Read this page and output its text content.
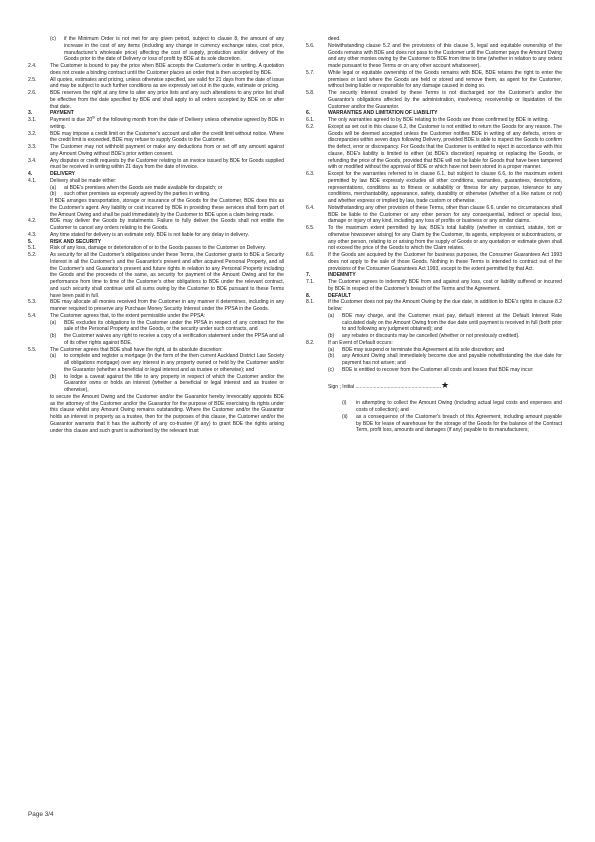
(c)	if the Minimum Order is not met for any given period, subject to clause 8, the amount of any increase in the cost of any items (including any change in currency exchange rates, cost price, manufacturer's wholesale price) affecting the cost of supply, production and/or delivery of the Goods prior to the date of Delivery or loss of profit by BDE at its sole discretion.
2.4.	The Customer is bound to pay the price when BDE accepts the Customer's order in writing. A quotation does not create a binding contract until the Customer places an order that is then accepted by BDE.
2.5.	All quotes, estimates and pricing, unless otherwise specified, are valid for 21 days from the date of issue and may be subject to such further conditions as are expressly set out in the quote, estimate or pricing.
2.6.	BDE reserves the right at any time to alter any price lists and any such alterations to any price list shall be effective from the date specified by BDE and shall apply to all orders accepted by BDE on or after that date.
3.	PAYMENT
3.1.	Payment is due 20th of the following month from the date of Delivery unless otherwise agreed by BDE in writing.
3.2.	BDE may impose a credit limit on the Customer's account and alter the credit limit without notice. Where the credit limit is exceeded, BDE may refuse to supply Goods to the Customer.
3.3.	The Customer may not withhold payment or make any deductions from or set off any amount against any Amount Owing without BDE's prior written consent.
3.4.	Any disputes or credit requests by the Customer relating to an invoice issued by BDE for Goods supplied must be received in writing within 21 days from the date of invoice.
4.	DELIVERY
4.1.	Delivery shall be made either:
(a)	at BDE's premises when the Goods are made available for dispatch; or
(b)	such other premises as expressly agreed by the parties in writing.
If BDE arranges transportation, storage or insurance of the Goods for the Customer, BDE does this as the Customer's agent. Any liability or cost incurred by BDE in providing these services shall form part of the Amount Owing and shall be paid immediately by the Customer to BDE upon a claim being made.
4.2.	BDE may deliver the Goods by instalments. Failure to fully deliver the Goods shall not entitle the Customer to cancel any orders relating to the Goods.
4.3.	Any time stated for delivery is an estimate only. BDE is not liable for any delay in delivery.
5.	RISK AND SECURITY
5.1.	Risk of any loss, damage or deterioration of or to the Goods passes to the Customer on Delivery.
5.2.	As security for all the Customer's obligations under these Terms, the Customer grants to BDE a Security Interest in all the Customer's and the Guarantor's present and after acquired Personal Property, and all the Customer's and Guarantor's present and future rights in relation to any Personal Property including the Goods and the proceeds of the same, as security for payment of the Amount Owing and for the performance from time to time of the Customer's other obligations to BDE under the relevant contract, and such security shall continue until all sums owing by the Customer to BDE pursuant to these Terms have been paid in full.
5.3.	BDE may allocate all monies received from the Customer in any manner it determines, including in any manner required to preserve any Purchase Money Security Interest under the PPSA in the Goods.
5.4.	The Customer agrees that, to the extent permissible under the PPSA:
(a)	BDE excludes its obligations to the Customer under the PPSA in respect of any contract for the sale of the Personal Property and the Goods, or the security under such contracts, and
(b)	the Customer waives any right to receive a copy of a verification statement under the PPSA and all of its other rights against BDE.
5.5.	The Customer agrees that BDE shall have the right, at its absolute discretion:
(a)	to complete and register a mortgage (in the form of the then current Auckland District Law Society all obligations mortgage) over any interest in any property owned or held by the Customer and/or the Guarantor (whether a beneficial or legal interest and as trustee or otherwise); and
(b)	to lodge a caveat against the title to any property in respect of which the Customer and/or the Guarantor owns or holds an interest (whether a beneficial or legal interest and as trustee or otherwise),
to secure the Amount Owing and the Customer and/or the Guarantor hereby irrevocably appoints BDE as the attorney of the Customer and/or the Guarantor for the purpose of BDE exercising its rights under this clause whilst any Amount Owing remains outstanding. Where the Customer and/or the Guarantor holds an interest in property as a trustee, then for the purposes of this clause, the Customer and/or the Guarantor warrants that it has the authority of any co-trustee (if any) to grant BDE the rights arising under this clause and such grant is authorised by the relevant trust
deed.
5.6.	Notwithstanding clause 5.2 and the provisions of this clause 5, legal and equitable ownership of the Goods remains with BDE and does not pass to the Customer until the Customer pays the Amount Owing and any other monies owing by the Customer to BDE from time to time (whether in relation to any orders made pursuant to these Terms or on any other account whatsoever).
5.7.	While legal or equitable ownership of the Goods remains with BDE, BDE retains the right to enter the premises or land where the Goods are held or stored and remove them, as agent for the Customer, without being liable or responsible for any damage caused in doing so.
5.8.	The security interest created by these Terms is not discharged nor the Customer's and/or the Guarantor's obligations affected by the administration, insolvency, receivership or liquidation of the Customer and/or the Guarantor.
6.	WARRANTIES AND LIMITATION OF LIABILITY
6.1.	The only warranties agreed to by BDE relating to the Goods are those confirmed by BDE in writing.
6.2.	Except as set out in this clause 6.2, the Customer is not entitled to return the Goods for any reason. The Goods will be deemed accepted unless the Customer notifies BDE in writing of any defects, errors or discrepancies within seven days following Delivery, provided BDE is able to inspect the Goods to confirm the defect, error or discrepancy. For Goods that the Customer is entitled to reject in accordance with this clause, BDE's liability is limited to either (at BDE's discretion) repairing or replacing the Goods, or refunding the price of the Goods, provided that BDE will not be liable for Goods that have been tampered with or modified without the approval of BDE or which have not been stored in a proper manner.
6.3.	Except for the warranties referred to in clause 6.1, but subject to clause 6.6, to the maximum extent permitted by law BDE expressly excludes all other conditions, warranties, guarantees, descriptions, representations, conditions as to fitness or suitability or fitness for any purpose, tolerance to any conditions, merchantability, appearance, safety, durability or otherwise (whether of a like nature or not) and whether express or implied by law, trade custom or otherwise.
6.4.	Notwithstanding any other provision of these Terms, other than clause 6.6, under no circumstances shall BDE be liable to the Customer or any other person for any consequential, indirect or special loss, damage or injury of any kind, including any loss of profits or business or any similar claims.
6.5.	To the maximum extent permitted by law, BDE's total liability (whether in contract, statute, tort or otherwise howsoever arising) for any Claim by the Customer, its agents, employees or subcontractors, or any other person, relating to or arising from the supply of Goods or any quotation or estimate given shall not exceed the price of the Goods to which the Claim relates.
6.6.	If the Goods are acquired by the Customer for business purposes, the Consumer Guarantees Act 1993 does not apply to the sale of those Goods. Nothing in these Terms is intended to contract out of the provisions of the Consumer Guarantees Act 1993, except to the extent permitted by that Act.
7.	INDEMNITY
7.1.	The Customer agrees to indemnify BDE from and against any loss, cost or liability suffered or incurred by BDE in respect of the Customer's breach of the Terms and the Agreement.
8.	DEFAULT
8.1.	If the Customer does not pay the Amount Owing by the due date, in addition to BDE's rights in clause 8.2 below:
(a)	BDE may charge, and the Customer must pay, default interest at the Default Interest Rate calculated daily on the Amount Owing from the due date until payment is received in full (both prior to and following any judgment obtained); and
(b)	any rebates or discounts may be cancelled (whether or not previously credited).
8.2.	If an Event of Default occurs:
(a)	BDE may suspend or terminate this Agreement at its sole discretion; and
(b)	any Amount Owing shall immediately become due and payable notwithstanding the due date for payment has not arisen; and
(c)	BDE is entitled to recover from the Customer all costs and losses that BDE may incur:
Sign ; Initial .............................................................★
(i)	in attempting to collect the Amount Owing (including actual legal costs and expenses and costs of collection); and
(ii)	as a consequence of the Customer's breach of this Agreement, including amount payable by BDE for lease of warehouse for the storage of the Goods for the balance of the Contract Term, profit loss, amounts and damages (if any) payable to its manufacturers;
Page 3/4
